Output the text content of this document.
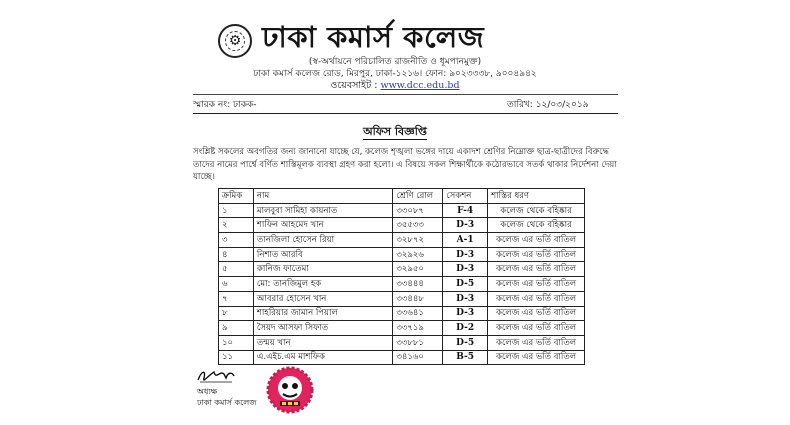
⚙ ঢাকা কমার্স কলেজ
(স্ব-অর্থায়নে পরিচালিত রাজনীতি ও ধূমপানমুক্ত)
ঢাকা কমার্স কলেজ রোড, মিরপুর, ঢাকা-১২১৬। ফোন: ৯০২৩৩৩৮, ৯০০৪৯৪২
ওয়েবসাইট : www.dcc.edu.bd
স্মারক নং: ঢাকক-	তারিখ: ১২/০৩/২০১৯
অফিস বিজ্ঞপ্তি
সংশ্লিষ্ট সকলের অবগতির জন্য জানানো যাচ্ছে যে, কলেজ শৃঙ্খলা ভঙ্গের দায়ে একাদশ শ্রেণির নিম্নোক্ত ছাত্র-ছাত্রীদের বিরুদ্ধে তাদের নামের পার্শ্বে বর্ণিত শাস্তিমূলক ব্যবস্থা গ্রহণ করা হলো। এ বিষয়ে সকল শিক্ষার্থীকে কঠোরভাবে সতর্ক থাকার নির্দেশনা দেয়া যাচ্ছে।
ক্রমিক	নাম	শ্রেণি রোল	সেকশন	শাস্তির ধরণ
১	মালবুবা সামিহা কায়নাত	৩৩০৮৭	F-4	কলেজ থেকে বহিষ্কার
২	শাফিন আহমেদ খান	৩৫৫৩৩	D-3	কলেজ থেকে বহিষ্কার
৩	তানজিলা হোসেন রিয়া	৩২৮৭২	A-1	কলেজ এর ভর্তি বাতিল
৪	নিশাত আরবি	৩২৯২৬	D-3	কলেজ এর ভর্তি বাতিল
৫	কানিজ ফাতেমা	৩২৯৫০	D-3	কলেজ এর ভর্তি বাতিল
৬	মো: তানজিমুল হক	৩৩৪৪৪	D-5	কলেজ এর ভর্তি বাতিল
৭	আবরার হোসেন খান	৩৩৪৪৮	D-3	কলেজ এর ভর্তি বাতিল
৮	শাহরিয়ার জামান পিয়াল	৩৩৬৪১	D-3	কলেজ এর ভর্তি বাতিল
৯	সৈয়দ আসফা সিফাত	৩৩৭১৯	D-2	কলেজ এর ভর্তি বাতিল
১০	তন্ময় খান	৩৩৮৮১	D-5	কলেজ এর ভর্তি বাতিল
১১	এ.এইচ.এম মাশফিক	৩৪১৬০	B-5	কলেজ এর ভর্তি বাতিল
অধ্যক্ষ
ঢাকা কমার্স কলেজ
